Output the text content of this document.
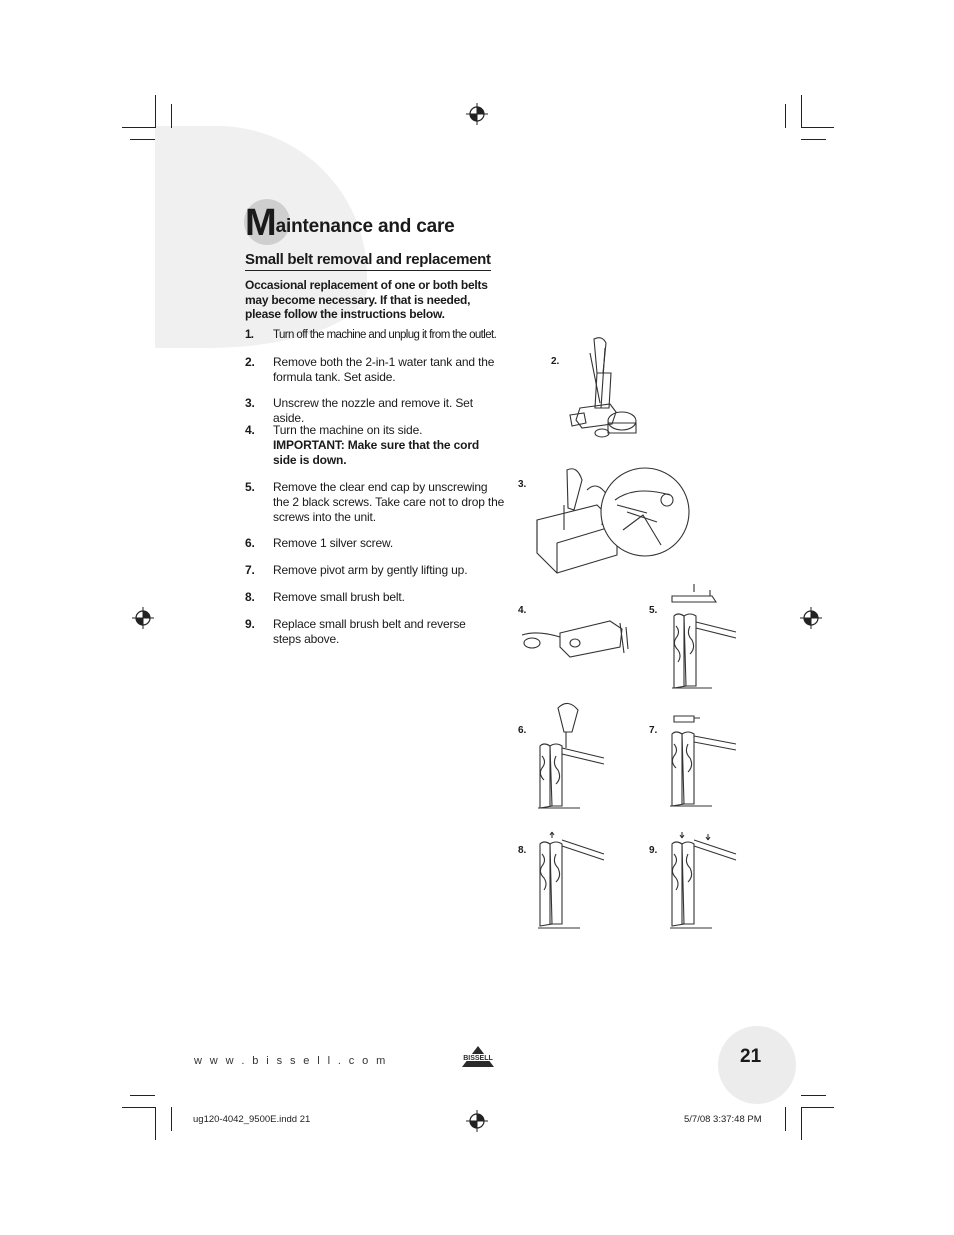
Maintenance and care
Small belt removal and replacement

Occasional replacement of one or both belts may become necessary. If that is needed, please follow the instructions below.

1. Turn off the machine and unplug it from the outlet.
2. Remove both the 2-in-1 water tank and the formula tank. Set aside.
3. Unscrew the nozzle and remove it. Set aside.
4. Turn the machine on its side.
IMPORTANT: Make sure that the cord side is down.
5. Remove the clear end cap by unscrewing the 2 black screws. Take care not to drop the screws into the unit.
6. Remove 1 silver screw.
7. Remove pivot arm by gently lifting up.
8. Remove small brush belt.
9. Replace small brush belt and reverse steps above.
2.
3.
4.	5.
6.	7.
8.	9.
w w w . b i s s e l l . c o m	BISSELL	21
ug120-4042_9500E.indd 21	5/7/08 3:37:48 PM
